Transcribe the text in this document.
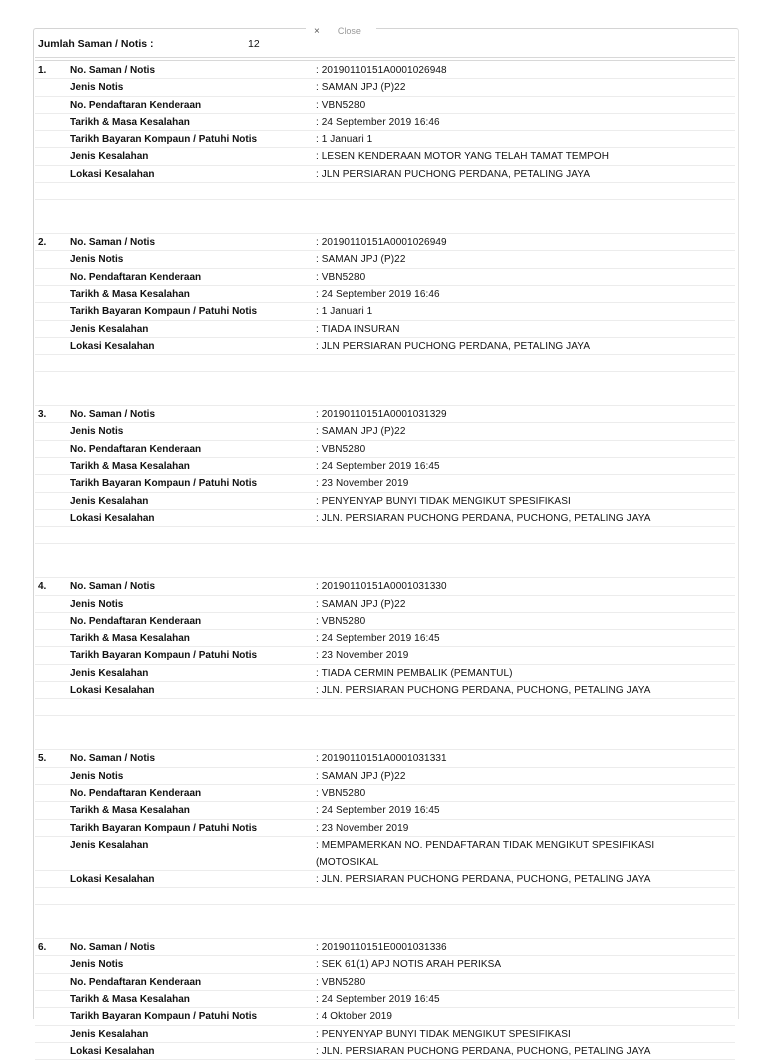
× Close
Jumlah Saman / Notis :	12
1.	No. Saman / Notis	: 20190110151A0001026948
Jenis Notis	: SAMAN JPJ (P)22
No. Pendaftaran Kenderaan	: VBN5280
Tarikh & Masa Kesalahan	: 24 September 2019 16:46
Tarikh Bayaran Kompaun / Patuhi Notis	: 1 Januari 1
Jenis Kesalahan	: LESEN KENDERAAN MOTOR YANG TELAH TAMAT TEMPOH
Lokasi Kesalahan	: JLN PERSIARAN PUCHONG PERDANA, PETALING JAYA
2.	No. Saman / Notis	: 20190110151A0001026949
Jenis Notis	: SAMAN JPJ (P)22
No. Pendaftaran Kenderaan	: VBN5280
Tarikh & Masa Kesalahan	: 24 September 2019 16:46
Tarikh Bayaran Kompaun / Patuhi Notis	: 1 Januari 1
Jenis Kesalahan	: TIADA INSURAN
Lokasi Kesalahan	: JLN PERSIARAN PUCHONG PERDANA, PETALING JAYA
3.	No. Saman / Notis	: 20190110151A0001031329
Jenis Notis	: SAMAN JPJ (P)22
No. Pendaftaran Kenderaan	: VBN5280
Tarikh & Masa Kesalahan	: 24 September 2019 16:45
Tarikh Bayaran Kompaun / Patuhi Notis	: 23 November 2019
Jenis Kesalahan	: PENYENYAP BUNYI TIDAK MENGIKUT SPESIFIKASI
Lokasi Kesalahan	: JLN. PERSIARAN PUCHONG PERDANA, PUCHONG, PETALING JAYA
4.	No. Saman / Notis	: 20190110151A0001031330
Jenis Notis	: SAMAN JPJ (P)22
No. Pendaftaran Kenderaan	: VBN5280
Tarikh & Masa Kesalahan	: 24 September 2019 16:45
Tarikh Bayaran Kompaun / Patuhi Notis	: 23 November 2019
Jenis Kesalahan	: TIADA CERMIN PEMBALIK (PEMANTUL)
Lokasi Kesalahan	: JLN. PERSIARAN PUCHONG PERDANA, PUCHONG, PETALING JAYA
5.	No. Saman / Notis	: 20190110151A0001031331
Jenis Notis	: SAMAN JPJ (P)22
No. Pendaftaran Kenderaan	: VBN5280
Tarikh & Masa Kesalahan	: 24 September 2019 16:45
Tarikh Bayaran Kompaun / Patuhi Notis	: 23 November 2019
Jenis Kesalahan	: MEMPAMERKAN NO. PENDAFTARAN TIDAK MENGIKUT SPESIFIKASI (MOTOSIKAL
Lokasi Kesalahan	: JLN. PERSIARAN PUCHONG PERDANA, PUCHONG, PETALING JAYA
6.	No. Saman / Notis	: 20190110151E0001031336
Jenis Notis	: SEK 61(1) APJ NOTIS ARAH PERIKSA
No. Pendaftaran Kenderaan	: VBN5280
Tarikh & Masa Kesalahan	: 24 September 2019 16:45
Tarikh Bayaran Kompaun / Patuhi Notis	: 4 Oktober 2019
Jenis Kesalahan	: PENYENYAP BUNYI TIDAK MENGIKUT SPESIFIKASI
Lokasi Kesalahan	: JLN. PERSIARAN PUCHONG PERDANA, PUCHONG, PETALING JAYA
